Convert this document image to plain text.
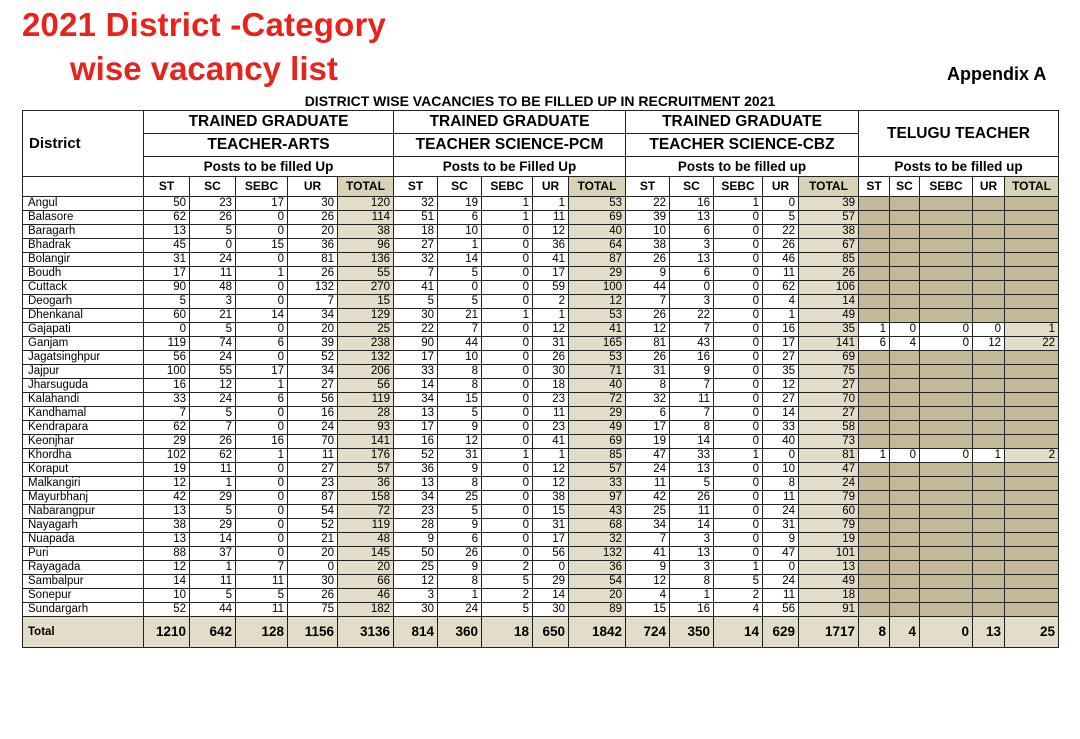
2021 District -Category
wise vacancy list	Appendix A
DISTRICT WISE VACANCIES TO BE FILLED UP IN RECRUITMENT 2021
District	TRAINED GRADUATE					TRAINED GRADUATE					TRAINED GRADUATE					TELUGU TEACHER				
	TEACHER-ARTS					TEACHER SCIENCE-PCM					TEACHER SCIENCE-CBZ									
	Posts to be filled Up					Posts to be Filled Up					Posts to be filled up					Posts to be filled up				
	ST	SC	SEBC	UR	TOTAL	ST	SC	SEBC	UR	TOTAL	ST	SC	SEBC	UR	TOTAL	ST	SC	SEBC	UR	TOTAL
Angul	50	23	17	30	120	32	19	1	1	53	22	16	1	0	39					
Balasore	62	26	0	26	114	51	6	1	11	69	39	13	0	5	57					
Baragarh	13	5	0	20	38	18	10	0	12	40	10	6	0	22	38					
Bhadrak	45	0	15	36	96	27	1	0	36	64	38	3	0	26	67					
Bolangir	31	24	0	81	136	32	14	0	41	87	26	13	0	46	85					
Boudh	17	11	1	26	55	7	5	0	17	29	9	6	0	11	26					
Cuttack	90	48	0	132	270	41	0	0	59	100	44	0	0	62	106					
Deogarh	5	3	0	7	15	5	5	0	2	12	7	3	0	4	14					
Dhenkanal	60	21	14	34	129	30	21	1	1	53	26	22	0	1	49					
Gajapati	0	5	0	20	25	22	7	0	12	41	12	7	0	16	35	1	0	0	0	1
Ganjam	119	74	6	39	238	90	44	0	31	165	81	43	0	17	141	6	4	0	12	22
Jagatsinghpur	56	24	0	52	132	17	10	0	26	53	26	16	0	27	69					
Jajpur	100	55	17	34	206	33	8	0	30	71	31	9	0	35	75					
Jharsuguda	16	12	1	27	56	14	8	0	18	40	8	7	0	12	27					
Kalahandi	33	24	6	56	119	34	15	0	23	72	32	11	0	27	70					
Kandhamal	7	5	0	16	28	13	5	0	11	29	6	7	0	14	27					
Kendrapara	62	7	0	24	93	17	9	0	23	49	17	8	0	33	58					
Keonjhar	29	26	16	70	141	16	12	0	41	69	19	14	0	40	73					
Khordha	102	62	1	11	176	52	31	1	1	85	47	33	1	0	81	1	0	0	1	2
Koraput	19	11	0	27	57	36	9	0	12	57	24	13	0	10	47					
Malkangiri	12	1	0	23	36	13	8	0	12	33	11	5	0	8	24					
Mayurbhanj	42	29	0	87	158	34	25	0	38	97	42	26	0	11	79					
Nabarangpur	13	5	0	54	72	23	5	0	15	43	25	11	0	24	60					
Nayagarh	38	29	0	52	119	28	9	0	31	68	34	14	0	31	79					
Nuapada	13	14	0	21	48	9	6	0	17	32	7	3	0	9	19					
Puri	88	37	0	20	145	50	26	0	56	132	41	13	0	47	101					
Rayagada	12	1	7	0	20	25	9	2	0	36	9	3	1	0	13					
Sambalpur	14	11	11	30	66	12	8	5	29	54	12	8	5	24	49					
Sonepur	10	5	5	26	46	3	1	2	14	20	4	1	2	11	18					
Sundargarh	52	44	11	75	182	30	24	5	30	89	15	16	4	56	91					
Total	1210	642	128	1156	3136	814	360	18	650	1842	724	350	14	629	1717	8	4	0	13	25
